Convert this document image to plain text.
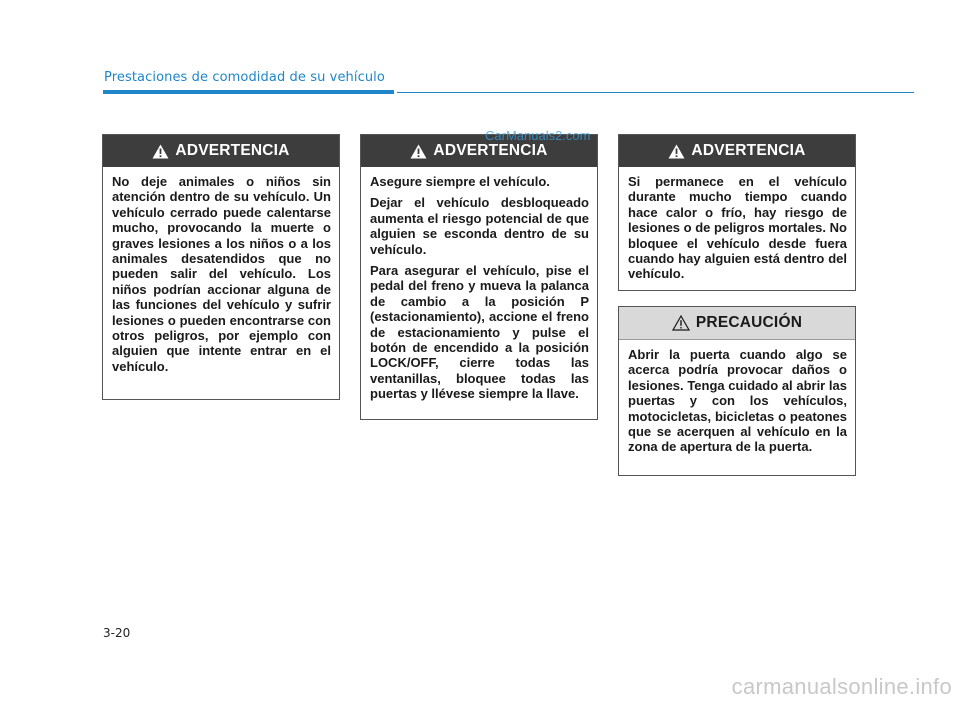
Prestaciones de comodidad de su vehículo
ADVERTENCIA

No deje animales o niños sin atención dentro de su vehículo. Un vehículo cerrado puede calentarse mucho, provocando la muerte o graves lesiones a los niños o a los animales desatendidos que no pueden salir del vehículo. Los niños podrían accionar alguna de las funciones del vehículo y sufrir lesiones o pueden encontrarse con otros peligros, por ejemplo con alguien que intente entrar en el vehículo.

ADVERTENCIA

Asegure siempre el vehículo.

Dejar el vehículo desbloqueado aumenta el riesgo potencial de que alguien se esconda dentro de su vehículo.

Para asegurar el vehículo, pise el pedal del freno y mueva la palanca de cambio a la posición P (estacionamiento), accione el freno de estacionamiento y pulse el botón de encendido a la posición LOCK/OFF, cierre todas las ventanillas, bloquee todas las puertas y llévese siempre la llave.

ADVERTENCIA

Si permanece en el vehículo durante mucho tiempo cuando hace calor o frío, hay riesgo de lesiones o de peligros mortales. No bloquee el vehículo desde fuera cuando hay alguien está dentro del vehículo.

PRECAUCIÓN

Abrir la puerta cuando algo se acerca podría provocar daños o lesiones. Tenga cuidado al abrir las puertas y con los vehículos, motocicletas, bicicletas o peatones que se acerquen al vehículo en la zona de apertura de la puerta.

CarManuals2.com
3-20
carmanualsonline.info
